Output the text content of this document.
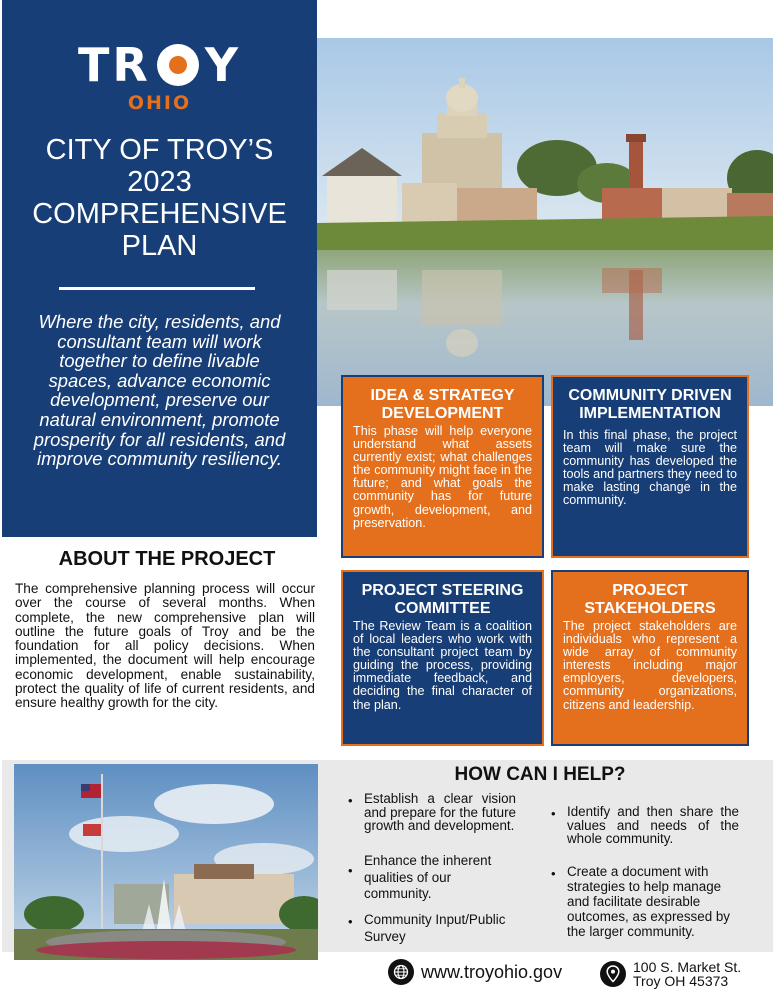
TR Y
OHIO
CITY OF TROY’S
2023
COMPREHENSIVE
PLAN
Where the city, residents, and consultant team will work together to define livable spaces, advance economic development, preserve our natural environment, promote prosperity for all residents, and improve community resiliency.
ABOUT THE PROJECT
The comprehensive planning process will occur over the course of several months. When complete, the new comprehensive plan will outline the future goals of Troy and be the foundation for all policy decisions. When implemented, the document will help encourage economic development, enable sustainability, protect the quality of life of current residents, and ensure healthy growth for the city.
IDEA & STRATEGY DEVELOPMENT
This phase will help everyone understand what assets currently exist; what challenges the community might face in the future; and what goals the community has for future growth, development, and preservation.
COMMUNITY DRIVEN IMPLEMENTATION
In this final phase, the project team will make sure the community has developed the tools and partners they need to make lasting change in the community.
PROJECT STEERING COMMITTEE
The Review Team is a coalition of local leaders who work with the consultant project team by guiding the process, providing immediate feedback, and deciding the final character of the plan.
PROJECT STAKEHOLDERS
The project stakeholders are individuals who represent a wide array of community interests including major employers, developers, community organizations, citizens and leadership.
HOW CAN I HELP?
• Establish a clear vision and prepare for the future growth and development.
•
Enhance the inherent qualities of our community.
• Community Input/Public Survey
• Identify and then share the values and needs of the whole community.
• Create a document with strategies to help manage and facilitate desirable outcomes, as expressed by the larger community.
www.troyohio.gov	100 S. Market St.
Troy OH 45373
